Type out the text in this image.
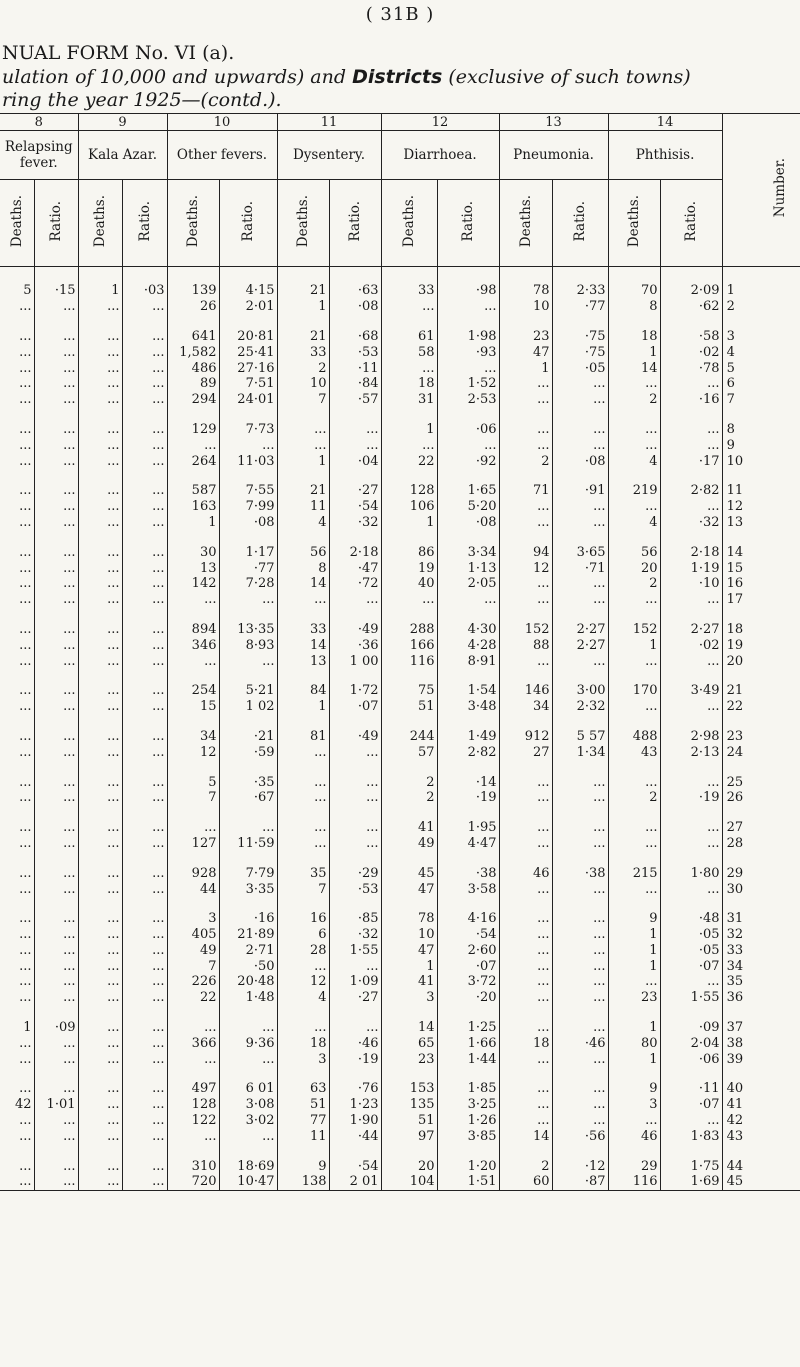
( 31B )
NUAL FORM No. VI (a).
ulation of 10,000 and upwards) and Districts (exclusive of such towns)
ring the year 1925—(contd.).
8		9		10		11		12		13		14		Number.
Relapsing fever.		Kala Azar.		Other fevers.		Dysentery.		Diarrhoea.		Pneumonia.		Phthisis.		
Deaths.	Ratio.	Deaths.	Ratio.	Deaths.	Ratio.	Deaths.	Ratio.	Deaths.	Ratio.	Deaths.	Ratio.	Deaths.	Ratio.	
5	·15	1	·03	139	4·15	21	·63	33	·98	78	2·33	70	2·09	1
...	...	...	...	26	2·01	1	·08	...	...	10	·77	8	·62	2

...	...	...	...	641	20·81	21	·68	61	1·98	23	·75	18	·58	3
...	...	...	...	1,582	25·41	33	·53	58	·93	47	·75	1	·02	4
...	...	...	...	486	27·16	2	·11	...	...	1	·05	14	·78	5
...	...	...	...	89	7·51	10	·84	18	1·52	...	...	...	...	6
...	...	...	...	294	24·01	7	·57	31	2·53	...	...	2	·16	7

...	...	...	...	129	7·73	...	...	1	·06	...	...	...	...	8
...	...	...	...	...	...	...	...	...	...	...	...	...	...	9
...	...	...	...	264	11·03	1	·04	22	·92	2	·08	4	·17	10

...	...	...	...	587	7·55	21	·27	128	1·65	71	·91	219	2·82	11
...	...	...	...	163	7·99	11	·54	106	5·20	...	...	...	...	12
...	...	...	...	1	·08	4	·32	1	·08	...	...	4	·32	13

...	...	...	...	30	1·17	56	2·18	86	3·34	94	3·65	56	2·18	14
...	...	...	...	13	·77	8	·47	19	1·13	12	·71	20	1·19	15
...	...	...	...	142	7·28	14	·72	40	2·05	...	...	2	·10	16
...	...	...	...	...	...	...	...	...	...	...	...	...	...	17

...	...	...	...	894	13·35	33	·49	288	4·30	152	2·27	152	2·27	18
...	...	...	...	346	8·93	14	·36	166	4·28	88	2·27	1	·02	19
...	...	...	...	...	...	13	1 00	116	8·91	...	...	...	...	20

...	...	...	...	254	5·21	84	1·72	75	1·54	146	3·00	170	3·49	21
...	...	...	...	15	1 02	1	·07	51	3·48	34	2·32	...	...	22

...	...	...	...	34	·21	81	·49	244	1·49	912	5 57	488	2·98	23
...	...	...	...	12	·59	...	...	57	2·82	27	1·34	43	2·13	24

...	...	...	...	5	·35	...	...	2	·14	...	...	...	...	25
...	...	...	...	7	·67	...	...	2	·19	...	...	2	·19	26

...	...	...	...	...	...	...	...	41	1·95	...	...	...	...	27
...	...	...	...	127	11·59	...	...	49	4·47	...	...	...	...	28

...	...	...	...	928	7·79	35	·29	45	·38	46	·38	215	1·80	29
...	...	...	...	44	3·35	7	·53	47	3·58	...	...	...	...	30

...	...	...	...	3	·16	16	·85	78	4·16	...	...	9	·48	31
...	...	...	...	405	21·89	6	·32	10	·54	...	...	1	·05	32
...	...	...	...	49	2·71	28	1·55	47	2·60	...	...	1	·05	33
...	...	...	...	7	·50	...	...	1	·07	...	...	1	·07	34
...	...	...	...	226	20·48	12	1·09	41	3·72	...	...	...	...	35
...	...	...	...	22	1·48	4	·27	3	·20	...	...	23	1·55	36

1	·09	...	...	...	...	...	...	14	1·25	...	...	1	·09	37
...	...	...	...	366	9·36	18	·46	65	1·66	18	·46	80	2·04	38
...	...	...	...	...	...	3	·19	23	1·44	...	...	1	·06	39

...	...	...	...	497	6 01	63	·76	153	1·85	...	...	9	·11	40
42	1·01	...	...	128	3·08	51	1·23	135	3·25	...	...	3	·07	41
...	...	...	...	122	3·02	77	1·90	51	1·26	...	...	...	...	42
...	...	...	...	...	...	11	·44	97	3·85	14	·56	46	1·83	43

...	...	...	...	310	18·69	9	·54	20	1·20	2	·12	29	1·75	44
...	...	...	...	720	10·47	138	2 01	104	1·51	60	·87	116	1·69	45
